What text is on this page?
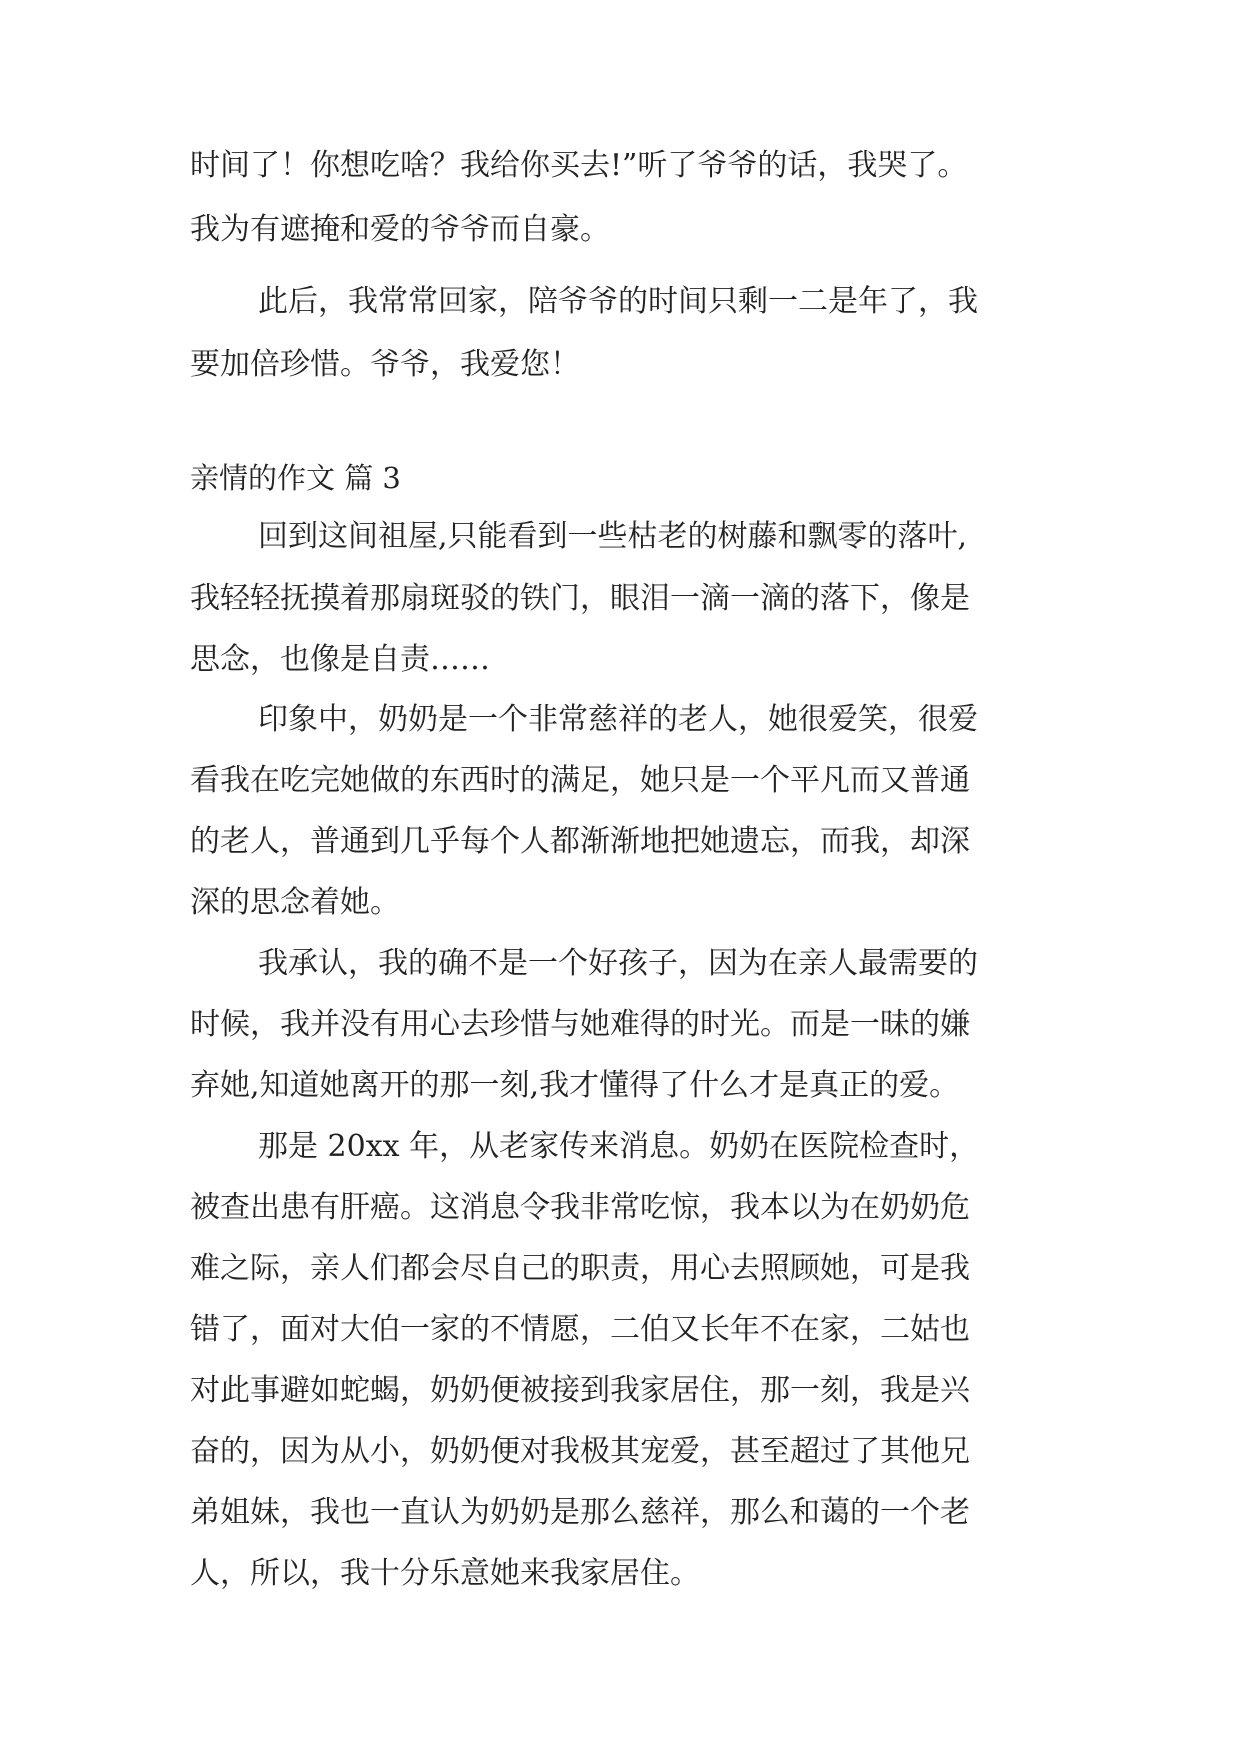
时间了！你想吃啥？我给你买去!”听了爷爷的话，我哭了。
我为有遮掩和爱的爷爷而自豪。
此后，我常常回家，陪爷爷的时间只剩一二是年了，我
要加倍珍惜。爷爷，我爱您！
亲情的作文 篇 3
回到这间祖屋,只能看到一些枯老的树藤和飘零的落叶,
我轻轻抚摸着那扇斑驳的铁门，眼泪一滴一滴的落下，像是
思念，也像是自责……
印象中，奶奶是一个非常慈祥的老人，她很爱笑，很爱
看我在吃完她做的东西时的满足，她只是一个平凡而又普通
的老人，普通到几乎每个人都渐渐地把她遗忘，而我，却深
深的思念着她。
我承认，我的确不是一个好孩子，因为在亲人最需要的
时候，我并没有用心去珍惜与她难得的时光。而是一昧的嫌
弃她,知道她离开的那一刻,我才懂得了什么才是真正的爱。
那是 20xx 年，从老家传来消息。奶奶在医院检查时，
被查出患有肝癌。这消息令我非常吃惊，我本以为在奶奶危
难之际，亲人们都会尽自己的职责，用心去照顾她，可是我
错了，面对大伯一家的不情愿，二伯又长年不在家，二姑也
对此事避如蛇蝎，奶奶便被接到我家居住，那一刻，我是兴
奋的，因为从小，奶奶便对我极其宠爱，甚至超过了其他兄
弟姐妹，我也一直认为奶奶是那么慈祥，那么和蔼的一个老
人，所以，我十分乐意她来我家居住。
